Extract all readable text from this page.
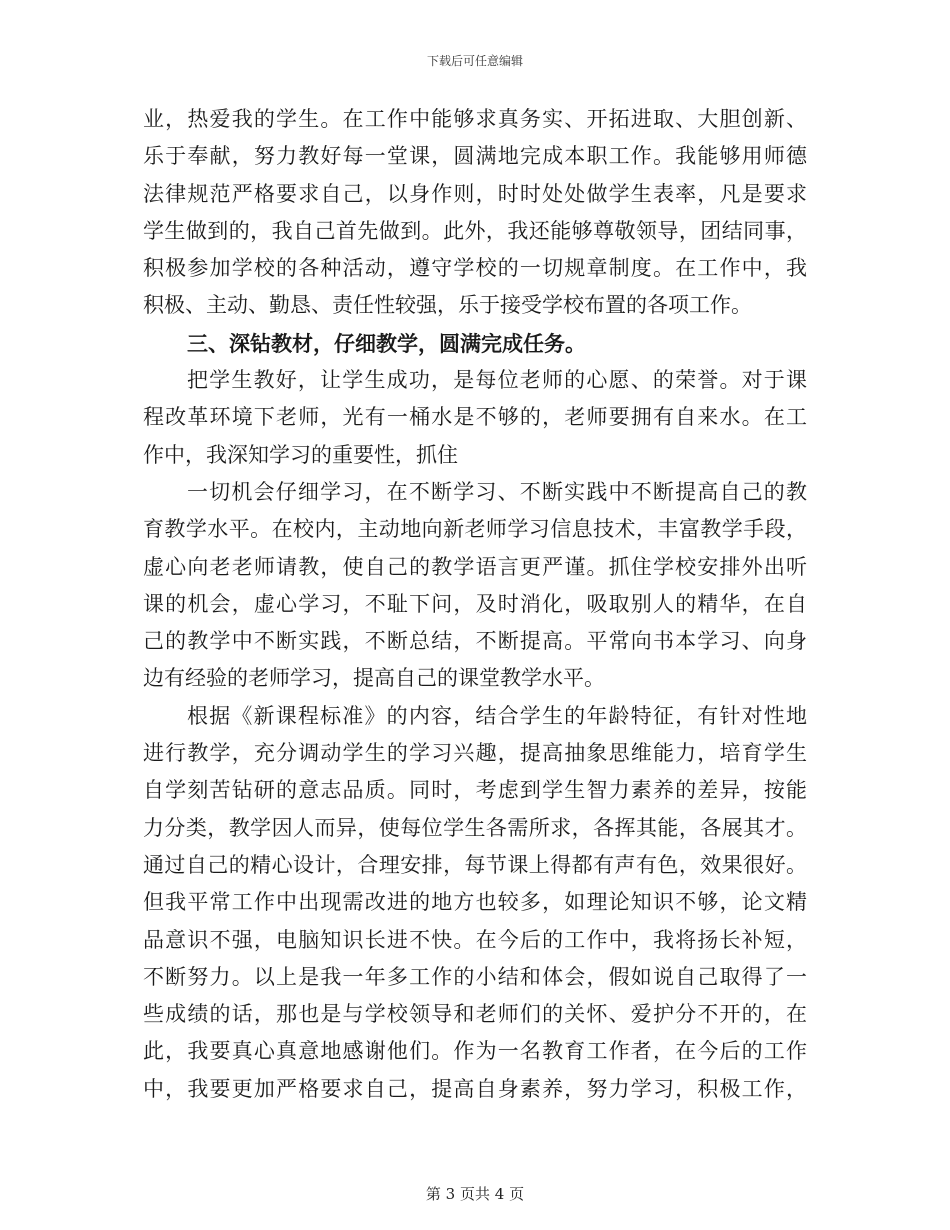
下载后可任意编辑
业，热爱我的学生。在工作中能够求真务实、开拓进取、大胆创新、
乐于奉献，努力教好每一堂课，圆满地完成本职工作。我能够用师德
法律规范严格要求自己，以身作则，时时处处做学生表率，凡是要求
学生做到的，我自己首先做到。此外，我还能够尊敬领导，团结同事，
积极参加学校的各种活动，遵守学校的一切规章制度。在工作中，我
积极、主动、勤恳、责任性较强，乐于接受学校布置的各项工作。
三、深钻教材，仔细教学，圆满完成任务。
把学生教好，让学生成功，是每位老师的心愿、的荣誉。对于课
程改革环境下老师，光有一桶水是不够的，老师要拥有自来水。在工
作中，我深知学习的重要性，抓住
一切机会仔细学习，在不断学习、不断实践中不断提高自己的教
育教学水平。在校内，主动地向新老师学习信息技术，丰富教学手段，
虚心向老老师请教，使自己的教学语言更严谨。抓住学校安排外出听
课的机会，虚心学习，不耻下问，及时消化，吸取别人的精华，在自
己的教学中不断实践，不断总结，不断提高。平常向书本学习、向身
边有经验的老师学习，提高自己的课堂教学水平。
根据《新课程标准》的内容，结合学生的年龄特征，有针对性地
进行教学，充分调动学生的学习兴趣，提高抽象思维能力，培育学生
自学刻苦钻研的意志品质。同时，考虑到学生智力素养的差异，按能
力分类，教学因人而异，使每位学生各需所求，各挥其能，各展其才。
通过自己的精心设计，合理安排，每节课上得都有声有色，效果很好。
但我平常工作中出现需改进的地方也较多，如理论知识不够，论文精
品意识不强，电脑知识长进不快。在今后的工作中，我将扬长补短，
不断努力。以上是我一年多工作的小结和体会，假如说自己取得了一
些成绩的话，那也是与学校领导和老师们的关怀、爱护分不开的，在
此，我要真心真意地感谢他们。作为一名教育工作者，在今后的工作
中，我要更加严格要求自己，提高自身素养，努力学习，积极工作，
第 3 页共 4 页
